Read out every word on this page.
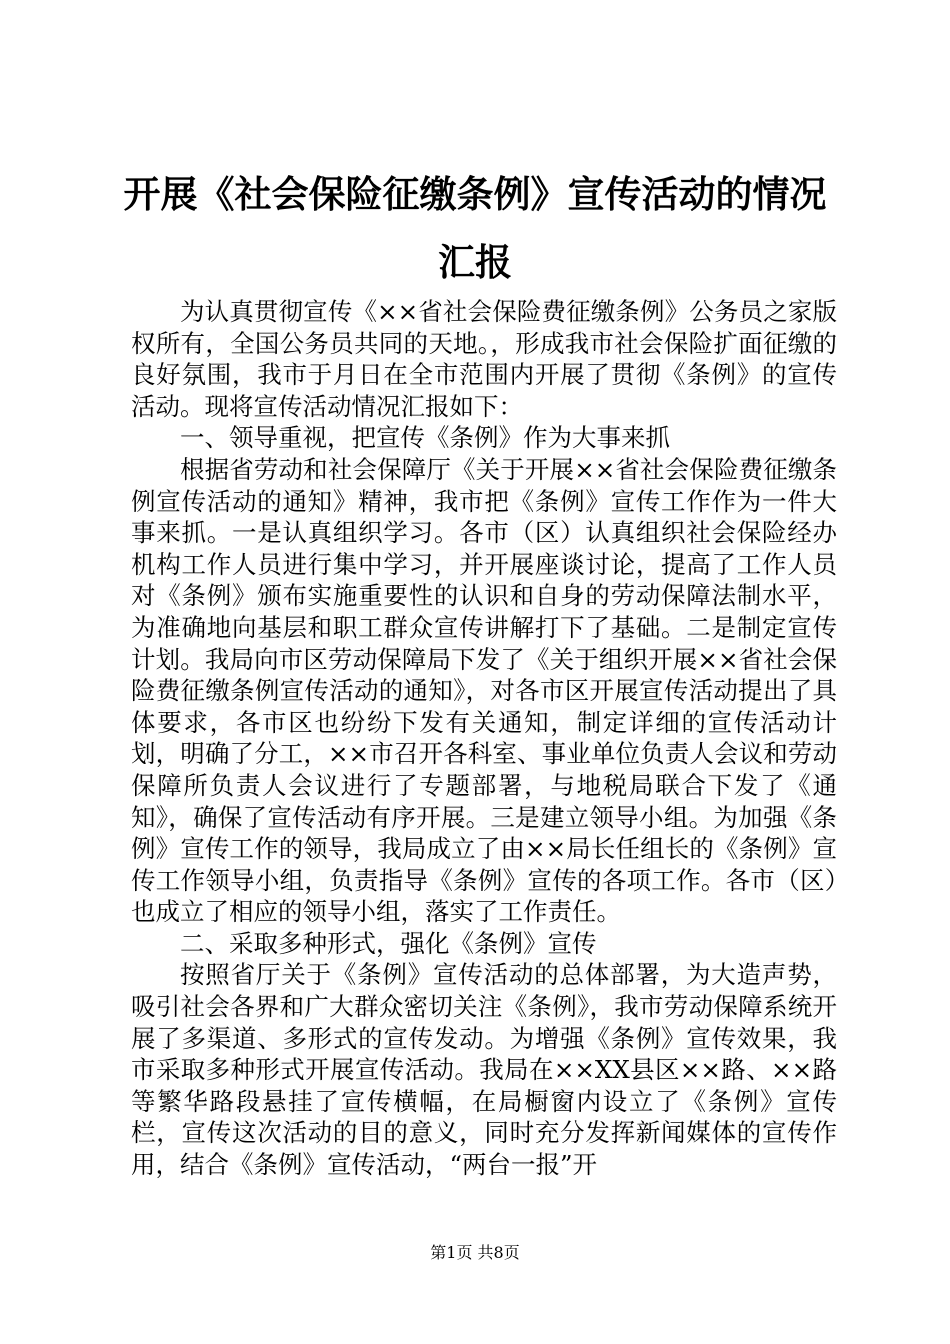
开展《社会保险征缴条例》宣传活动的情况汇报

为认真贯彻宣传《××省社会保险费征缴条例》公务员之家版权所有，全国公务员共同的天地。，形成我市社会保险扩面征缴的良好氛围，我市于月日在全市范围内开展了贯彻《条例》的宣传活动。现将宣传活动情况汇报如下：

一、领导重视，把宣传《条例》作为大事来抓

根据省劳动和社会保障厅《关于开展××省社会保险费征缴条例宣传活动的通知》精神，我市把《条例》宣传工作作为一件大事来抓。一是认真组织学习。各市（区）认真组织社会保险经办机构工作人员进行集中学习，并开展座谈讨论，提高了工作人员对《条例》颁布实施重要性的认识和自身的劳动保障法制水平，为准确地向基层和职工群众宣传讲解打下了基础。二是制定宣传计划。我局向市区劳动保障局下发了《关于组织开展××省社会保险费征缴条例宣传活动的通知》，对各市区开展宣传活动提出了具体要求，各市区也纷纷下发有关通知，制定详细的宣传活动计划，明确了分工，××市召开各科室、事业单位负责人会议和劳动保障所负责人会议进行了专题部署，与地税局联合下发了《通知》，确保了宣传活动有序开展。三是建立领导小组。为加强《条例》宣传工作的领导，我局成立了由××局长任组长的《条例》宣传工作领导小组，负责指导《条例》宣传的各项工作。各市（区）也成立了相应的领导小组，落实了工作责任。

二、采取多种形式，强化《条例》宣传

按照省厅关于《条例》宣传活动的总体部署，为大造声势，吸引社会各界和广大群众密切关注《条例》，我市劳动保障系统开展了多渠道、多形式的宣传发动。为增强《条例》宣传效果，我市采取多种形式开展宣传活动。我局在××XX县区××路、××路等繁华路段悬挂了宣传横幅，在局橱窗内设立了《条例》宣传栏，宣传这次活动的目的意义，同时充分发挥新闻媒体的宣传作用，结合《条例》宣传活动，“两台一报”开

第1页 共8页
